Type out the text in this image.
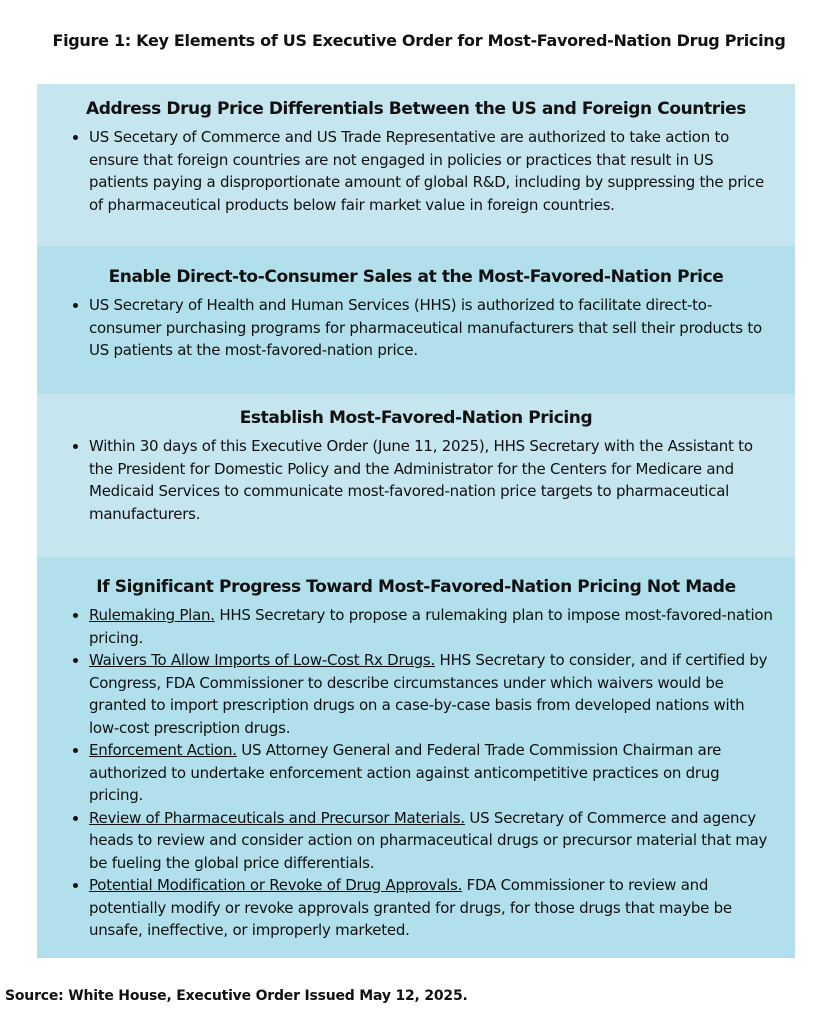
Figure 1: Key Elements of US Executive Order for Most-Favored-Nation Drug Pricing
Address Drug Price Differentials Between the US and Foreign Countries
• US Secetary of Commerce and US Trade Representative are authorized to take action to ensure that foreign countries are not engaged in policies or practices that result in US patients paying a disproportionate amount of global R&D, including by suppressing the price of pharmaceutical products below fair market value in foreign countries.
Enable Direct-to-Consumer Sales at the Most-Favored-Nation Price
• US Secretary of Health and Human Services (HHS) is authorized to facilitate direct-to-consumer purchasing programs for pharmaceutical manufacturers that sell their products to US patients at the most-favored-nation price.
Establish Most-Favored-Nation Pricing
• Within 30 days of this Executive Order (June 11, 2025), HHS Secretary with the Assistant to the President for Domestic Policy and the Administrator for the Centers for Medicare and Medicaid Services to communicate most-favored-nation price targets to pharmaceutical manufacturers.
If Significant Progress Toward Most-Favored-Nation Pricing Not Made
• Rulemaking Plan. HHS Secretary to propose a rulemaking plan to impose most-favored-nation pricing.
• Waivers To Allow Imports of Low-Cost Rx Drugs. HHS Secretary to consider, and if certified by Congress, FDA Commissioner to describe circumstances under which waivers would be granted to import prescription drugs on a case-by-case basis from developed nations with low-cost prescription drugs.
• Enforcement Action. US Attorney General and Federal Trade Commission Chairman are authorized to undertake enforcement action against anticompetitive practices on drug pricing.
• Review of Pharmaceuticals and Precursor Materials. US Secretary of Commerce and agency heads to review and consider action on pharmaceutical drugs or precursor material that may be fueling the global price differentials.
• Potential Modification or Revoke of Drug Approvals. FDA Commissioner to review and potentially modify or revoke approvals granted for drugs, for those drugs that maybe be unsafe, ineffective, or improperly marketed.
Source: White House, Executive Order Issued May 12, 2025.
